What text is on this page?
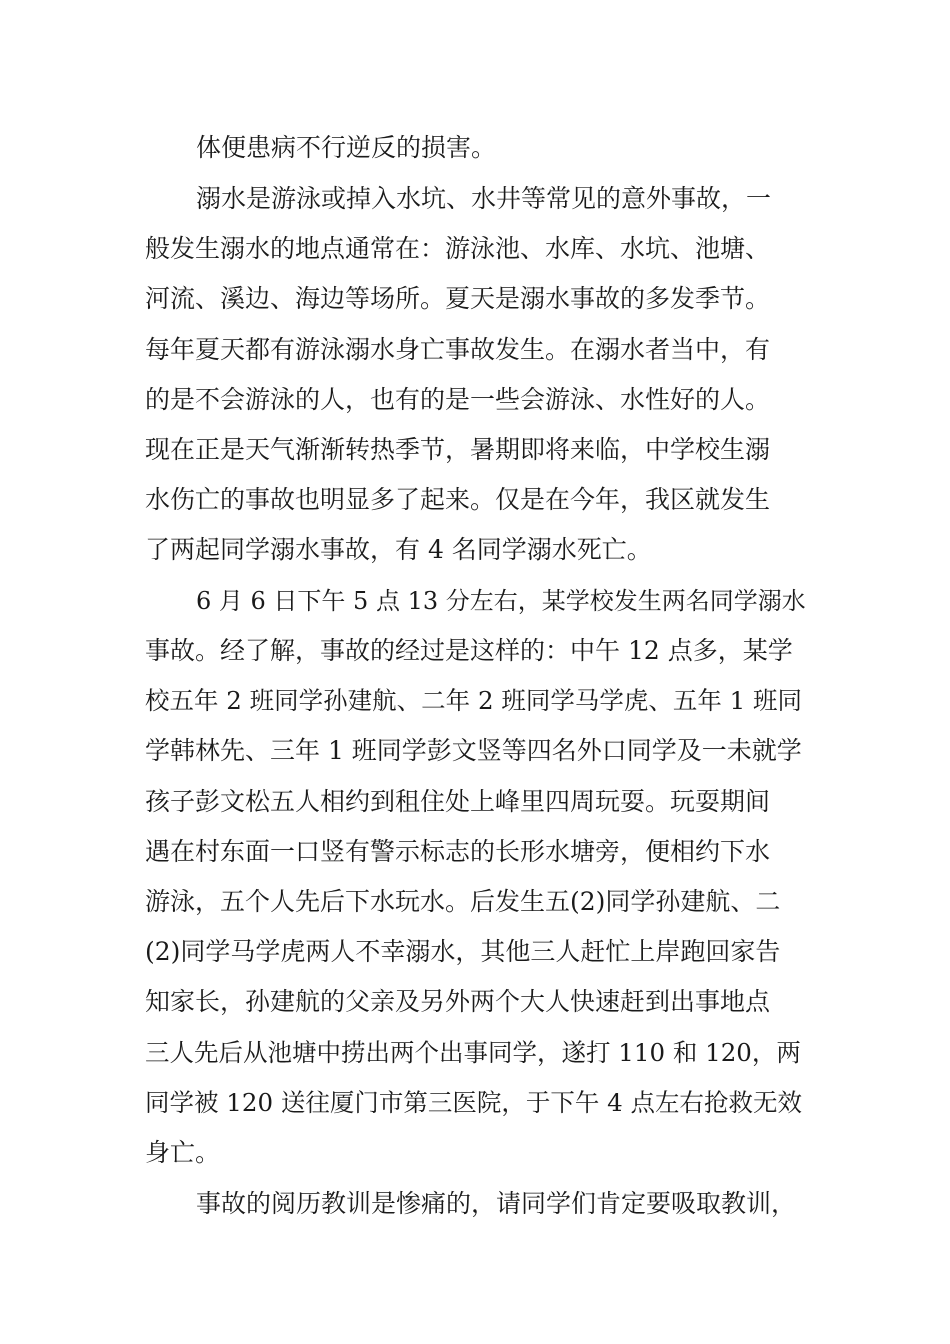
体便患病不行逆反的损害。
溺水是游泳或掉入水坑、水井等常见的意外事故，一
般发生溺水的地点通常在：游泳池、水库、水坑、池塘、
河流、溪边、海边等场所。夏天是溺水事故的多发季节。
每年夏天都有游泳溺水身亡事故发生。在溺水者当中，有
的是不会游泳的人，也有的是一些会游泳、水性好的人。
现在正是天气渐渐转热季节，暑期即将来临，中学校生溺
水伤亡的事故也明显多了起来。仅是在今年，我区就发生
了两起同学溺水事故，有 4 名同学溺水死亡。
6 月 6 日下午 5 点 13 分左右，某学校发生两名同学溺水
事故。经了解，事故的经过是这样的：中午 12 点多，某学
校五年 2 班同学孙建航、二年 2 班同学马学虎、五年 1 班同
学韩林先、三年 1 班同学彭文竖等四名外口同学及一未就学
孩子彭文松五人相约到租住处上峰里四周玩耍。玩耍期间
遇在村东面一口竖有警示标志的长形水塘旁，便相约下水
游泳，五个人先后下水玩水。后发生五(2)同学孙建航、二
(2)同学马学虎两人不幸溺水，其他三人赶忙上岸跑回家告
知家长，孙建航的父亲及另外两个大人快速赶到出事地点
三人先后从池塘中捞出两个出事同学，遂打 110 和 120，两
同学被 120 送往厦门市第三医院，于下午 4 点左右抢救无效
身亡。
事故的阅历教训是惨痛的，请同学们肯定要吸取教训，
